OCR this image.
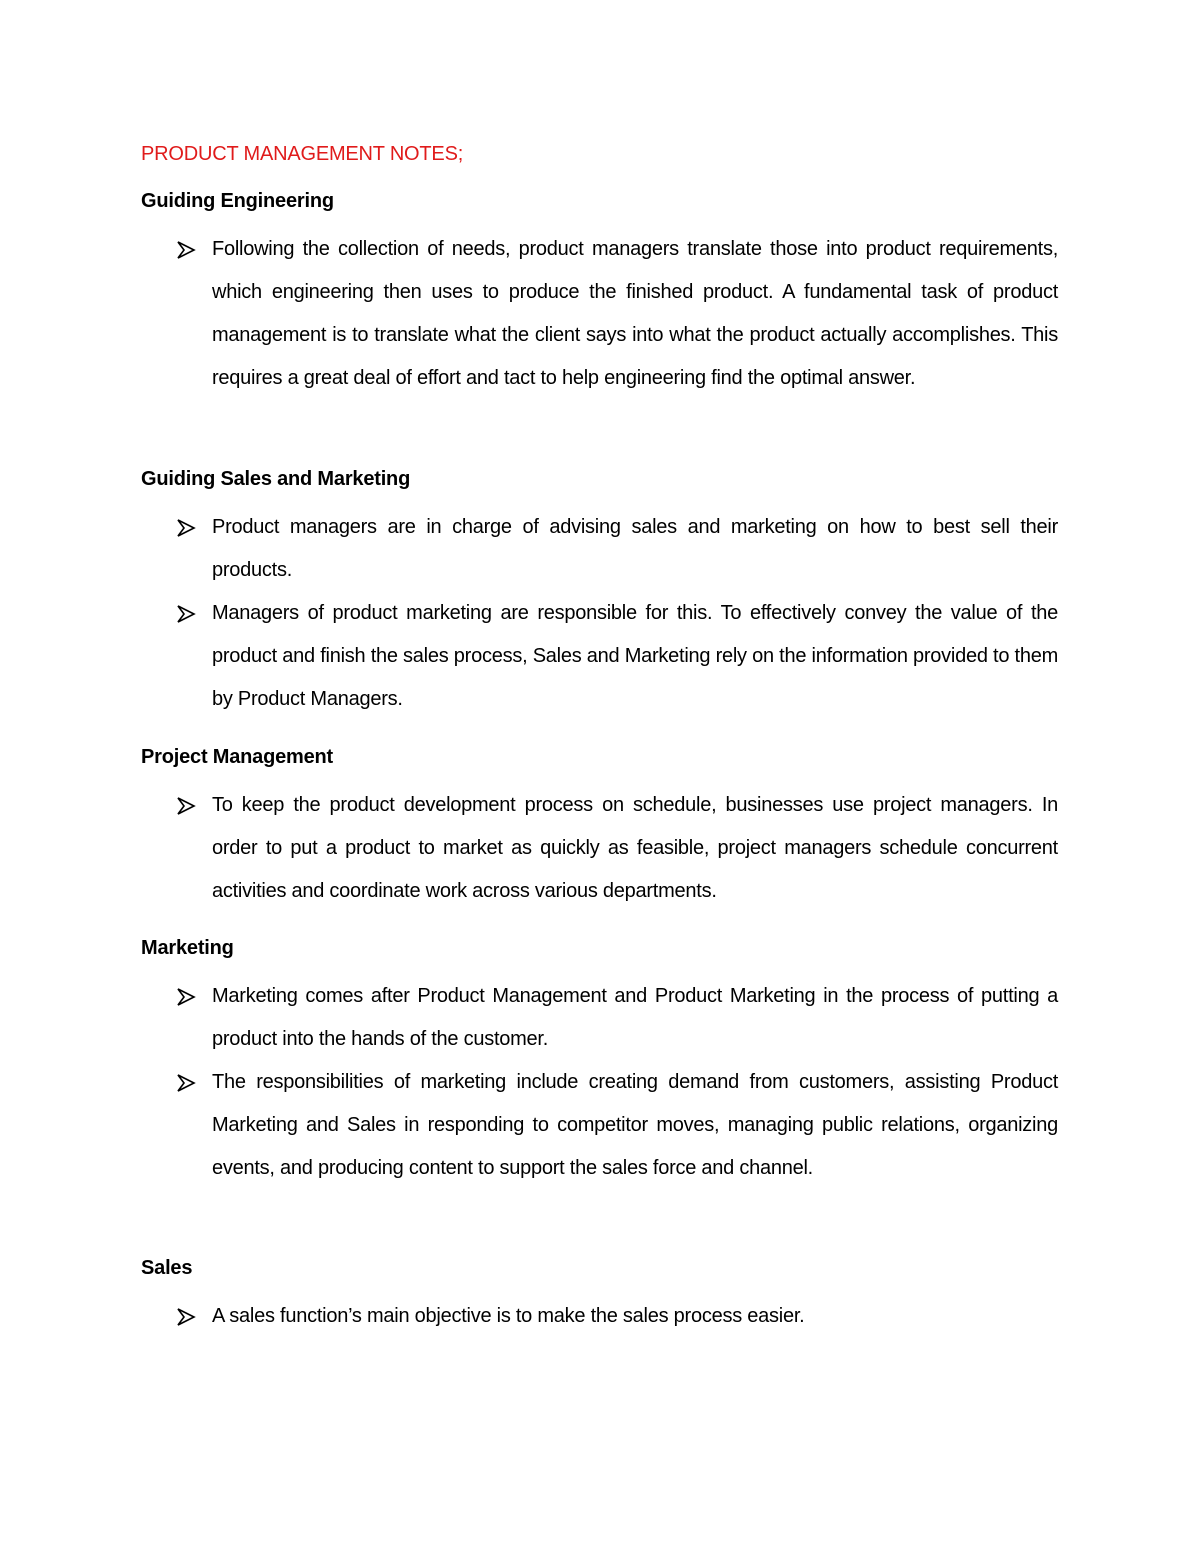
PRODUCT MANAGEMENT NOTES;
Guiding Engineering

Following the collection of needs, product managers translate those into product requirements, which engineering then uses to produce the finished product. A fundamental task of product management is to translate what the client says into what the product actually accomplishes. This requires a great deal of effort and tact to help engineering find the optimal answer.

Guiding Sales and Marketing

Product managers are in charge of advising sales and marketing on how to best sell their products.

Managers of product marketing are responsible for this. To effectively convey the value of the product and finish the sales process, Sales and Marketing rely on the information provided to them by Product Managers.

Project Management

To keep the product development process on schedule, businesses use project managers. In order to put a product to market as quickly as feasible, project managers schedule concurrent activities and coordinate work across various departments.

Marketing

Marketing comes after Product Management and Product Marketing in the process of putting a product into the hands of the customer.

The responsibilities of marketing include creating demand from customers, assisting Product Marketing and Sales in responding to competitor moves, managing public relations, organizing events, and producing content to support the sales force and channel.

Sales

A sales function’s main objective is to make the sales process easier.
